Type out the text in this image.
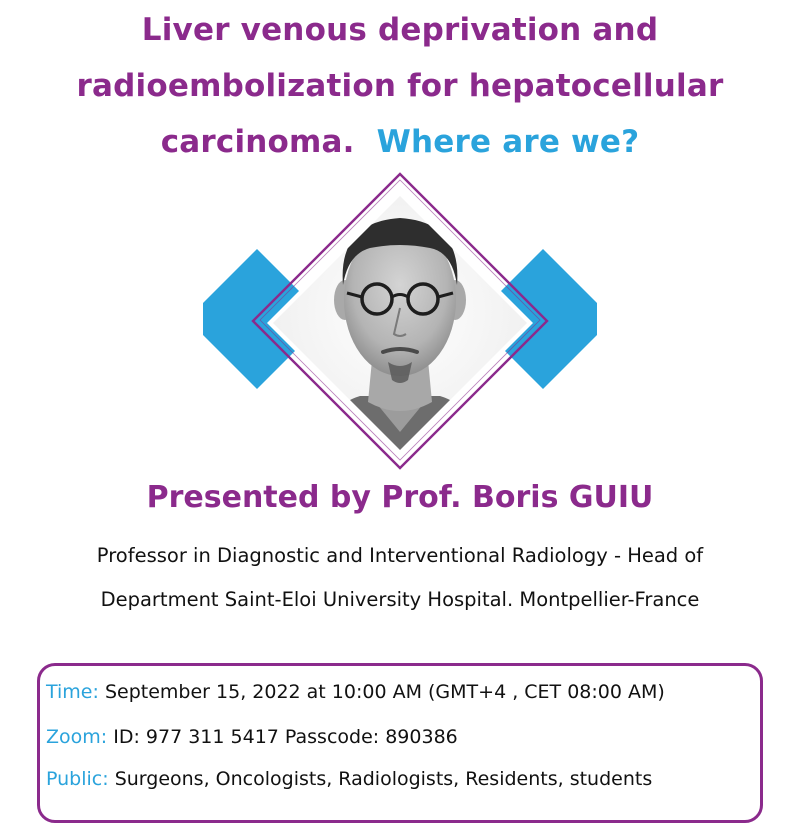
Liver venous deprivation and
radioembolization for hepatocellular
carcinoma. Where are we?
Presented by Prof. Boris GUIU
Professor in Diagnostic and Interventional Radiology - Head of
Department Saint-Eloi University Hospital. Montpellier-France
Time: September 15, 2022 at 10:00 AM (GMT+4 , CET 08:00 AM)
Zoom: ID: 977 311 5417 Passcode: 890386
Public: Surgeons, Oncologists, Radiologists, Residents, students
